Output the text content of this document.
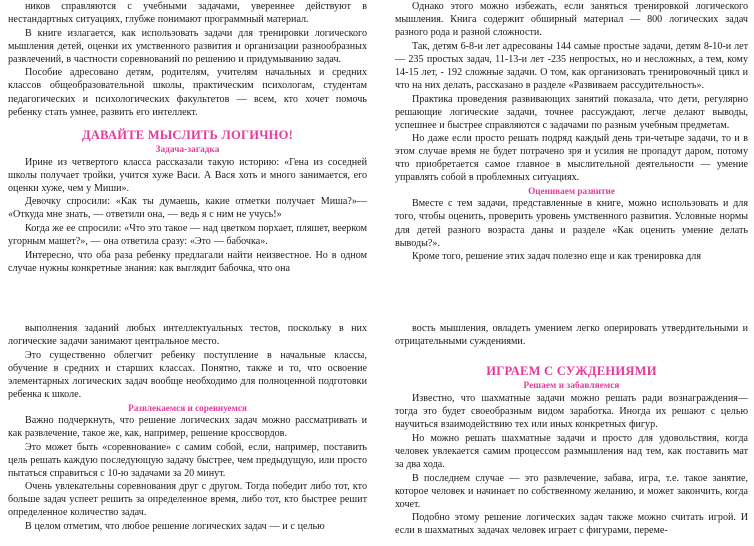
ников справляются с учебными задачами, увереннее действуют в нестандартных ситуациях, глубже понимают программный материал.

В книге излагается, как использовать задачи для тренировки логического мышления детей, оценки их умственного развития и организации разнообразных развлечений, в частности соревнований по решению и придумыванию задач.

Пособие адресовано детям, родителям, учителям начальных и средних классов общеобразовательной школы, практическим психологам, студентам педагогических и психологических факультетов — всем, кто хочет помочь ребенку стать умнее, развить его интеллект.

ДАВАЙТЕ МЫСЛИТЬ ЛОГИЧНО!
Задача-загадка

Ирине из четвертого класса рассказали такую историю: «Гена из соседней школы получает тройки, учится хуже Васи. А Вася хоть и много занимается, его оценки хуже, чем у Миши».

Девочку спросили: «Как ты думаешь, какие отметки получает Миша?»— «Откуда мне знать, — ответили она, — ведь я с ним не учусь!»

Когда же ее спросили: «Что это такое — над цветком порхает, пляшет, веерком угорным машет?», — она ответила сразу: «Это — бабочка».

Интересно, что оба раза ребенку предлагали найти неизвестное. Но в одном случае нужны конкретные знания: как выглядит бабочка, что она

Однако этого можно избежать, если заняться тренировкой логического мышления. Книга содержит обширный материал — 800 логических задач разного рода и разной сложности.

Так, детям 6-8-и лет адресованы 144 самые простые задачи, детям 8-10-и лет — 235 простых задач, 11-13-и лет -235 непростых, но и несложных, а тем, кому 14-15 лет, - 192 сложные задачи. О том, как организовать тренировочный цикл и что на них делать, рассказано в разделе «Развиваем рассудительность».

Практика проведения развивающих занятий показала, что дети, регулярно решающие логические задачи, точнее рассуждают, легче делают выводы, успешнее и быстрее справляются с задачами по разным учебным предметам.

Но даже если просто решать подряд каждый день три-четыре задачи, то и в этом случае время не будет потрачено зря и усилия не пропадут даром, потому что приобретается самое главное в мыслительной деятельности — умение управлять собой в проблемных ситуациях.

Оцениваем развитие

Вместе с тем задачи, представленные в книге, можно использовать и для того, чтобы оценить, проверить уровень умственного развития. Условные нормы для детей разного возраста даны и разделе «Как оценить умение делать выводы?».

Кроме того, решение этих задач полезно еще и как тренировка для

выполнения заданий любых интеллектуальных тестов, поскольку в них логические задачи занимают центральное место.

Это существенно облегчит ребенку поступление в начальные классы, обучение в средних и старших классах. Понятно, также и то, что освоение элементарных логических задач вообще необходимо для полноценной подготовки ребенка к школе.

Развлекаемся и соревнуемся

Важно подчеркнуть, что решение логических задач можно рассматривать и как развлечение, такое же, как, например, решение кроссвордов.

Это может быть «соревнование» с самим собой, если, например, поставить цель решать каждую последующую задачу быстрее, чем предыдущую, или просто пытаться справиться с 10-ю задачами за 20 минут.

Очень увлекательны соревнования друг с другом. Тогда победит либо тот, кто больше задач успеет решить за определенное время, либо тот, кто быстрее решит определенное количество задач.

В целом отметим, что любое решение логических задач — и с целью

вость мышления, овладеть умением легко оперировать утвердительными и отрицательными суждениями.

ИГРАЕМ С СУЖДЕНИЯМИ
Решаем и забавляемся

Известно, что шахматные задачи можно решать ради вознаграждения— тогда это будет своеобразным видом заработка. Иногда их решают с целью научиться взаимодействию тех или иных конкретных фигур.

Но можно решать шахматные задачи и просто для удовольствия, когда человек увлекается самим процессом размышления над тем, как поставить мат за два хода.

В последнем случае — это развлечение, забава, игра, т.е. такое занятие, которое человек и начинает по собственному желанию, и может закончить, когда хочет.

Подобно этому решение логических задач также можно считать игрой. И если в шахматных задачах человек играет с фигурами, переме-
